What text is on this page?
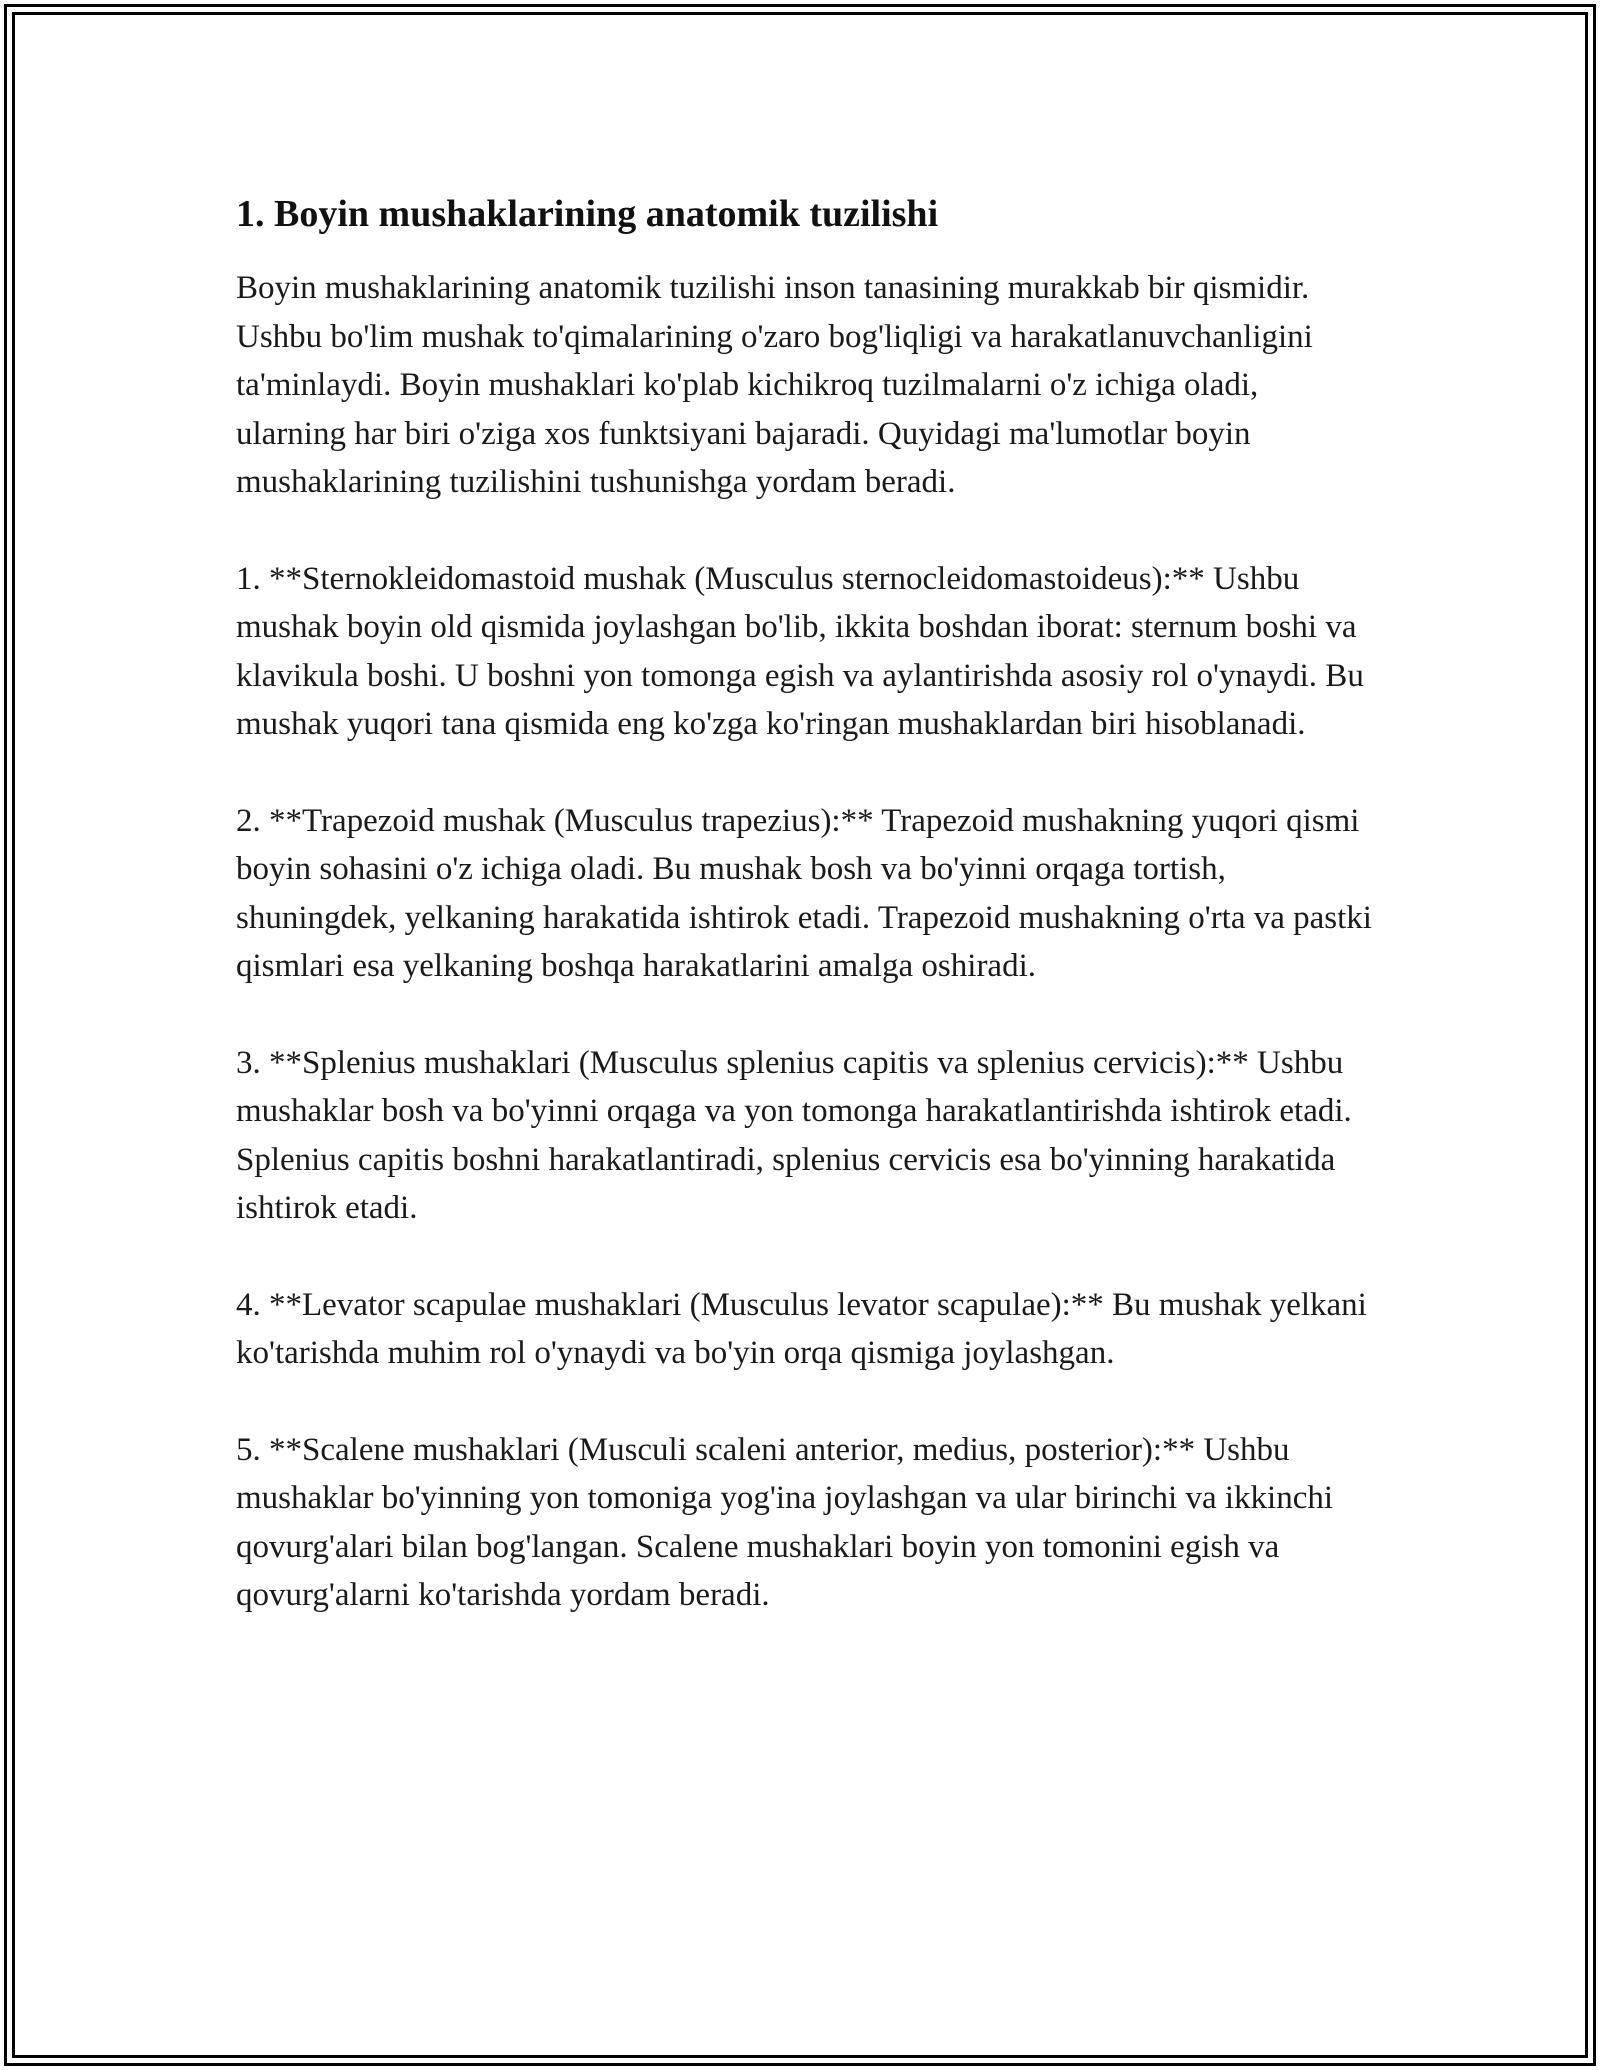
1. Boyin mushaklarining anatomik tuzilishi

Boyin mushaklarining anatomik tuzilishi inson tanasining murakkab bir qismidir. Ushbu bo'lim mushak to'qimalarining o'zaro bog'liqligi va harakatlanuvchanligini ta'minlaydi. Boyin mushaklari ko'plab kichikroq tuzilmalarni o'z ichiga oladi, ularning har biri o'ziga xos funktsiyani bajaradi. Quyidagi ma'lumotlar boyin mushaklarining tuzilishini tushunishga yordam beradi.

1. **Sternokleidomastoid mushak (Musculus sternocleidomastoideus):** Ushbu mushak boyin old qismida joylashgan bo'lib, ikkita boshdan iborat: sternum boshi va klavikula boshi. U boshni yon tomonga egish va aylantirishda asosiy rol o'ynaydi. Bu mushak yuqori tana qismida eng ko'zga ko'ringan mushaklardan biri hisoblanadi.

2. **Trapezoid mushak (Musculus trapezius):** Trapezoid mushakning yuqori qismi boyin sohasini o'z ichiga oladi. Bu mushak bosh va bo'yinni orqaga tortish, shuningdek, yelkaning harakatida ishtirok etadi. Trapezoid mushakning o'rta va pastki qismlari esa yelkaning boshqa harakatlarini amalga oshiradi.

3. **Splenius mushaklari (Musculus splenius capitis va splenius cervicis):** Ushbu mushaklar bosh va bo'yinni orqaga va yon tomonga harakatlantirishda ishtirok etadi. Splenius capitis boshni harakatlantiradi, splenius cervicis esa bo'yinning harakatida ishtirok etadi.

4. **Levator scapulae mushaklari (Musculus levator scapulae):** Bu mushak yelkani ko'tarishda muhim rol o'ynaydi va bo'yin orqa qismiga joylashgan.

5. **Scalene mushaklari (Musculi scaleni anterior, medius, posterior):** Ushbu mushaklar bo'yinning yon tomoniga yog'ina joylashgan va ular birinchi va ikkinchi qovurg'alari bilan bog'langan. Scalene mushaklari boyin yon tomonini egish va qovurg'alarni ko'tarishda yordam beradi.
